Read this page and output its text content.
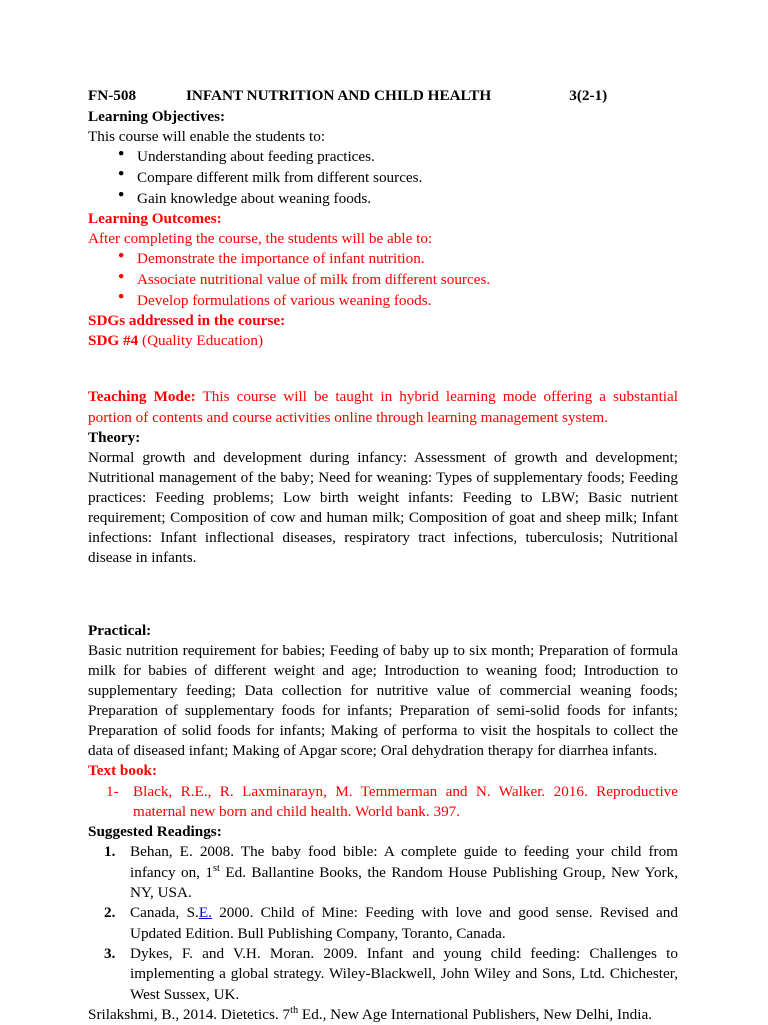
FN-508	INFANT NUTRITION AND CHILD HEALTH	3(2-1)
Learning Objectives:
This course will enable the students to:
● Understanding about feeding practices.
● Compare different milk from different sources.
● Gain knowledge about weaning foods.
Learning Outcomes:
After completing the course, the students will be able to:
● Demonstrate the importance of infant nutrition.
● Associate nutritional value of milk from different sources.
● Develop formulations of various weaning foods.
SDGs addressed in the course:
SDG #4 (Quality Education)
Teaching Mode: This course will be taught in hybrid learning mode offering a substantial portion of contents and course activities online through learning management system.
Theory:
Normal growth and development during infancy: Assessment of growth and development; Nutritional management of the baby; Need for weaning: Types of supplementary foods; Feeding practices: Feeding problems; Low birth weight infants: Feeding to LBW; Basic nutrient requirement; Composition of cow and human milk; Composition of goat and sheep milk; Infant infections: Infant inflectional diseases, respiratory tract infections, tuberculosis; Nutritional disease in infants.
Practical:
Basic nutrition requirement for babies; Feeding of baby up to six month; Preparation of formula milk for babies of different weight and age; Introduction to weaning food; Introduction to supplementary feeding; Data collection for nutritive value of commercial weaning foods; Preparation of supplementary foods for infants; Preparation of semi-solid foods for infants; Preparation of solid foods for infants; Making of performa to visit the hospitals to collect the data of diseased infant; Making of Apgar score; Oral dehydration therapy for diarrhea infants.
Text book:
1- Black, R.E., R. Laxminarayn, M. Temmerman and N. Walker. 2016. Reproductive maternal new born and child health. World bank. 397.
Suggested Readings:
1. Behan, E. 2008. The baby food bible: A complete guide to feeding your child from infancy on, 1st Ed. Ballantine Books, the Random House Publishing Group, New York, NY, USA.
2. Canada, S.E. 2000. Child of Mine: Feeding with love and good sense. Revised and Updated Edition. Bull Publishing Company, Toranto, Canada.
3. Dykes, F. and V.H. Moran. 2009. Infant and young child feeding: Challenges to implementing a global strategy. Wiley-Blackwell, John Wiley and Sons, Ltd. Chichester, West Sussex, UK.
Srilakshmi, B., 2014. Dietetics. 7th Ed., New Age International Publishers, New Delhi, India.
